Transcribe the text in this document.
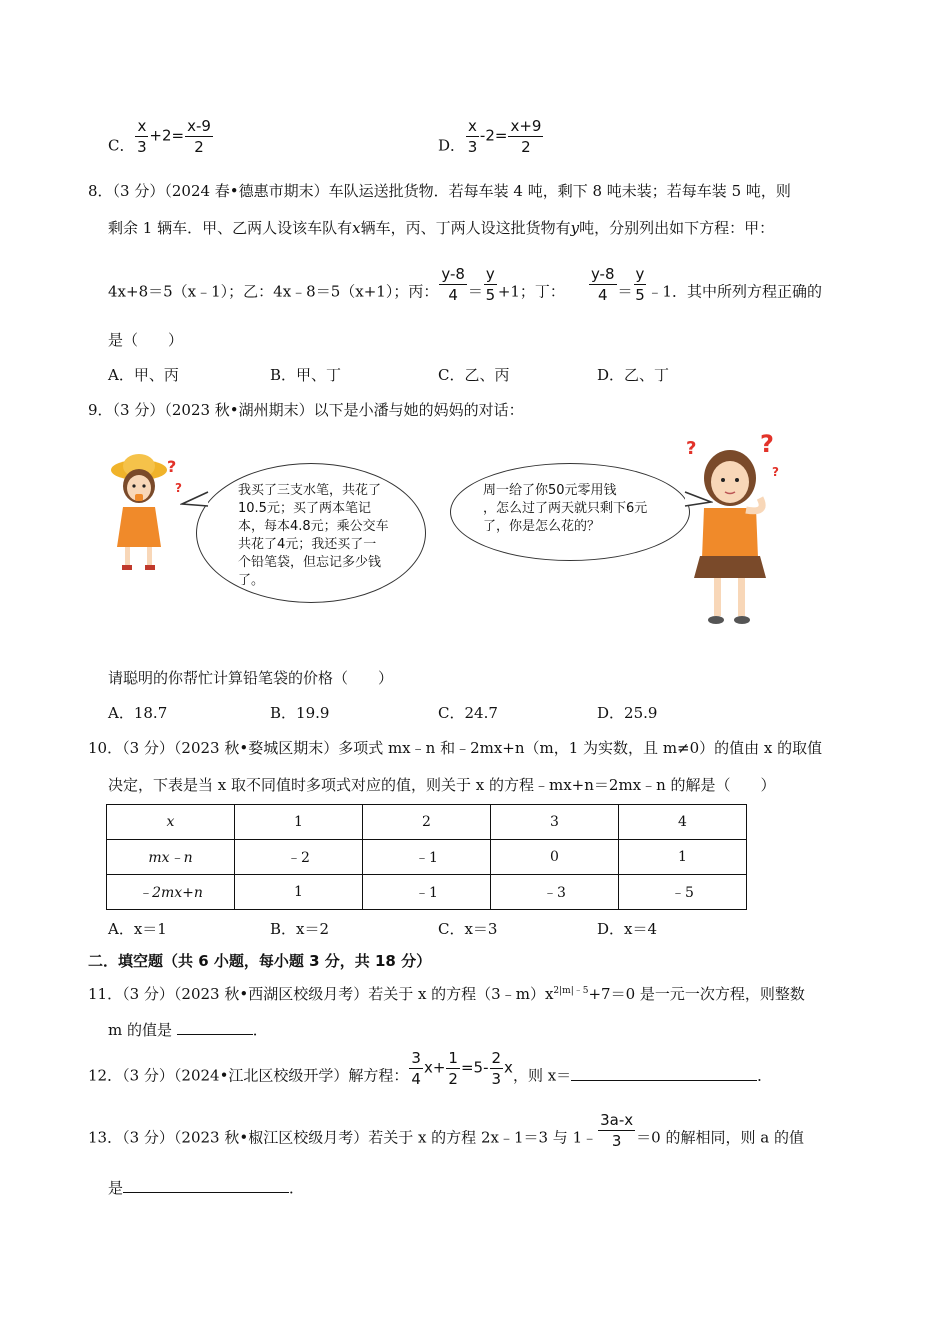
C． $\frac{x}{3} +2= \frac{x-9}{2}$	D． $\frac{x}{3} -2= \frac{x+9}{2}$
8．（3 分）（2024 春•德惠市期末）车队运送批货物．若每车装 4 吨，剩下 8 吨未装；若每车装 5 吨，则
剩余 1 辆车．甲、乙两人设该车队有x辆车，丙、丁两人设这批货物有y吨，分别列出如下方程：甲：
4x+8＝5（x﹣1）；乙：4x﹣8＝5（x+1）；丙： $\frac{y-8}{4} = \frac{y}{5} +1$；丁： $\frac{y-8}{4} = \frac{y}{5}$ ﹣1．其中所列方程正确的
是（　　）
A．甲、丙	B．甲、丁	C．乙、丙	D．乙、丁
9．（3 分）（2023 秋•湖州期末）以下是小潘与她的妈妈的对话：
?
?	我买了三支水笔，共花了
10.5元；买了两本笔记
本，每本4.8元；乘公交车
共花了4元；我还买了一
个铅笔袋，但忘记多少钱
了。
周一给了你50元零用钱
，怎么过了两天就只剩下6元
了，你是怎么花的？
?	?
?
请聪明的你帮忙计算铅笔袋的价格（　　）
A．18.7	B．19.9	C．24.7	D．25.9
10．（3 分）（2023 秋•婺城区期末）多项式 mx﹣n 和﹣2mx+n（m，1 为实数，且 m≠0）的值由 x 的取值
决定，下表是当 x 取不同值时多项式对应的值，则关于 x 的方程﹣mx+n＝2mx﹣n 的解是（　　）
x	1	2	3	4
mx﹣n	﹣2	﹣1	0	1
﹣2mx+n	1	﹣1	﹣3	﹣5
A．x＝1	B．x＝2	C．x＝3	D．x＝4
二．填空题（共 6 小题，每小题 3 分，共 18 分）
11．（3 分）（2023 秋•西湖区校级月考）若关于 x 的方程$(3﹣m)x^{2|m|﹣5}+7=0$ 是一元一次方程，则整数
m 的值是	．
12．（3 分）（2024•江北区校级开学）解方程： $\frac{3}{4} x+ \frac{1}{2} =5- \frac{2}{3}$ x，则 x＝	．
13．（3 分）（2023 秋•椒江区校级月考）若关于 x 的方程 2x﹣1＝3 与 1﹣ $\frac{3a-x}{3} =0$ 的解相同，则 a 的值
是	．
